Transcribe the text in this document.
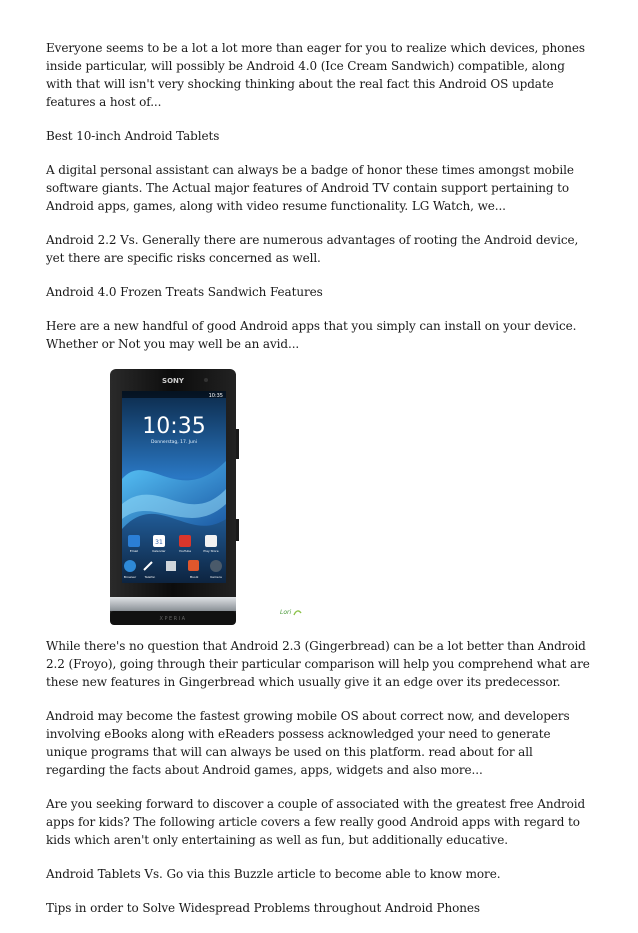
Everyone seems to be a lot a lot more than eager for you to realize which devices, phones inside particular, will possibly be Android 4.0 (Ice Cream Sandwich) compatible, along with that will isn't very shocking thinking about the real fact this Android OS update features a host of...

Best 10-inch Android Tablets

A digital personal assistant can always be a badge of honor these times amongst mobile software giants. The Actual major features of Android TV contain support pertaining to Android apps, games, along with video resume functionality. LG Watch, we...

Android 2.2 Vs. Generally there are numerous advantages of rooting the Android device, yet there are specific risks concerned as well.

Android 4.0 Frozen Treats Sandwich Features

Here are a new handful of good Android apps that you simply can install on your device. Whether or Not you may well be an avid...

SONY
10:35
10:35
Donnerstag, 17. Juni
31
Email	Kalender	YouTube	Play Store
Browser	Telefon	Musik	Kamera
XPERIA
Lori

While there's no question that Android 2.3 (Gingerbread) can be a lot better than Android 2.2 (Froyo), going through their particular comparison will help you comprehend what are these new features in Gingerbread which usually give it an edge over its predecessor.

Android may become the fastest growing mobile OS about correct now, and developers involving eBooks along with eReaders possess acknowledged your need to generate unique programs that will can always be used on this platform. read about for all regarding the facts about Android games, apps, widgets and also more...

Are you seeking forward to discover a couple of associated with the greatest free Android apps for kids? The following article covers a few really good Android apps with regard to kids which aren't only entertaining as well as fun, but additionally educative.

Android Tablets Vs. Go via this Buzzle article to become able to know more.

Tips in order to Solve Widespread Problems throughout Android Phones
